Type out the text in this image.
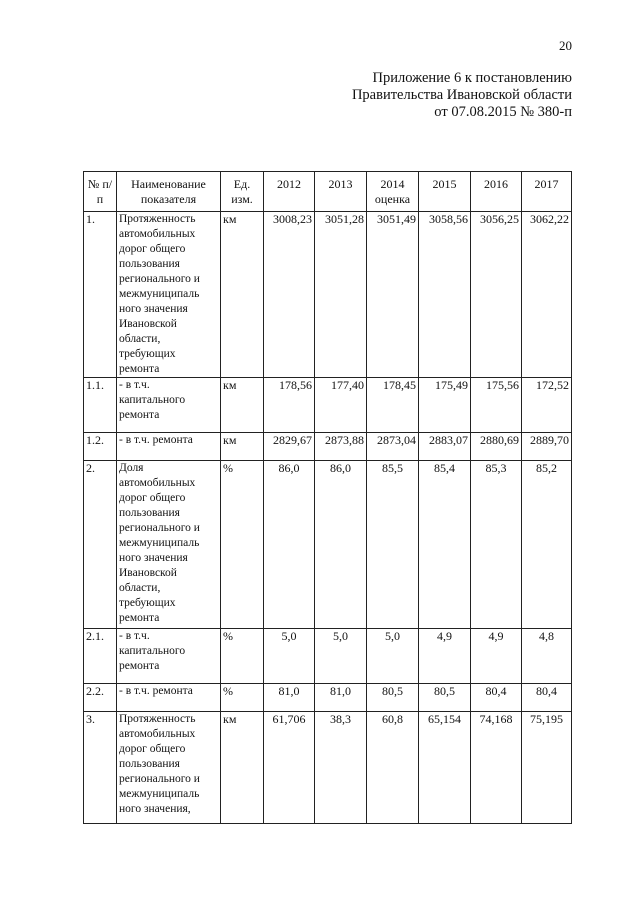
20
Приложение 6 к постановлению
Правительства Ивановской области
от 07.08.2015 № 380-п
№ п/п	Наименование показателя	Ед. изм.	2012	2013	2014 оценка	2015	2016	2017
1.	Протяженность автомобильных дорог общего пользования регионального и межмуниципаль ного значения Ивановской области, требующих ремонта	км	3008,23	3051,28	3051,49	3058,56	3056,25	3062,22
1.1.	- в т.ч. капитального ремонта	км	178,56	177,40	178,45	175,49	175,56	172,52
1.2.	- в т.ч. ремонта	км	2829,67	2873,88	2873,04	2883,07	2880,69	2889,70
2.	Доля автомобильных дорог общего пользования регионального и межмуниципаль ного значения Ивановской области, требующих ремонта	%	86,0	86,0	85,5	85,4	85,3	85,2
2.1.	- в т.ч. капитального ремонта	%	5,0	5,0	5,0	4,9	4,9	4,8
2.2.	- в т.ч. ремонта	%	81,0	81,0	80,5	80,5	80,4	80,4
3.	Протяженность автомобильных дорог общего пользования регионального и межмуниципаль ного значения,	км	61,706	38,3	60,8	65,154	74,168	75,195
